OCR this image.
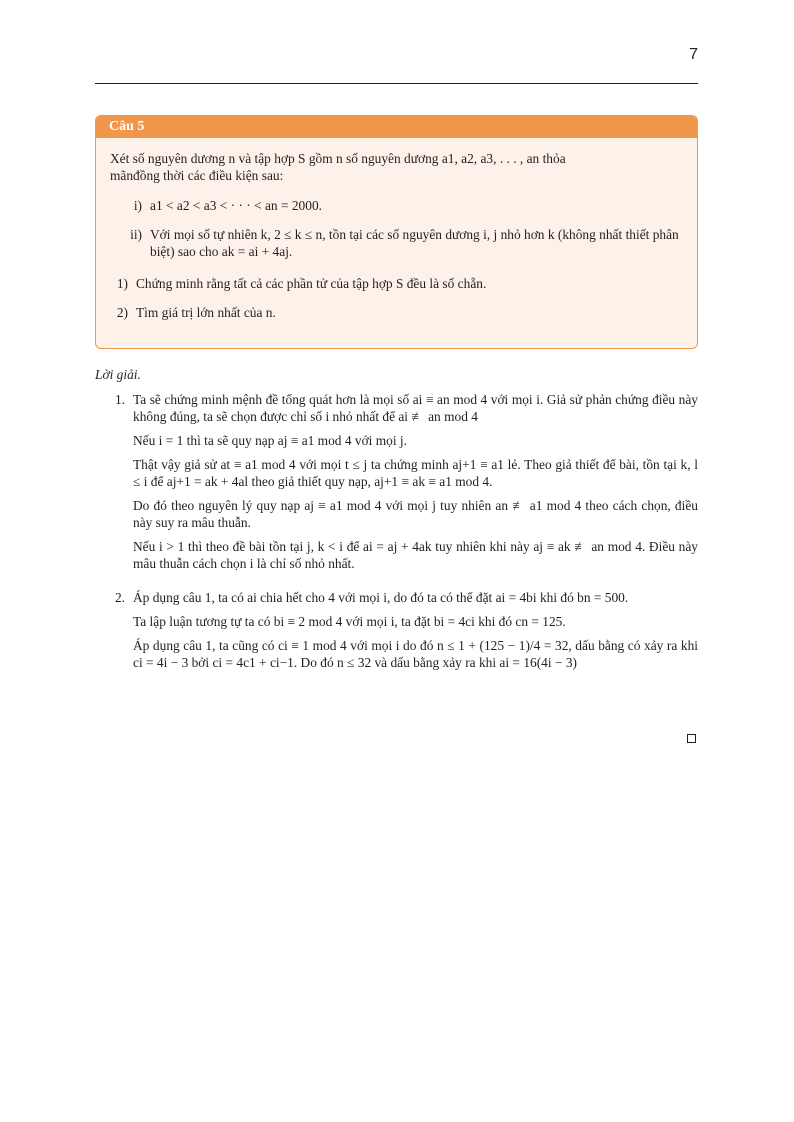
7
Câu 5

Xét số nguyên dương n và tập hợp S gồm n số nguyên dương a1, a2, a3, . . . , an thỏa

mãnđồng thời các điều kiện sau:

i) a1 < a2 < a3 < · · · < an = 2000.
ii) Với mọi số tự nhiên k, 2 ≤ k ≤ n, tồn tại các số nguyên dương i, j nhỏ hơn k (không nhất thiết phân biệt) sao cho ak = ai + 4aj.
1) Chứng minh rằng tất cả các phần tử của tập hợp S đều là số chẵn.
2) Tìm giá trị lớn nhất của n.

Lời giải.

1. Ta sẽ chứng minh mệnh đề tổng quát hơn là mọi số ai ≡ an mod 4 với mọi i. Giả sử phản chứng điều này không đúng, ta sẽ chọn được chỉ số i nhỏ nhất để ai ≢ an mod 4

Nếu i = 1 thì ta sẽ quy nạp aj ≡ a1 mod 4 với mọi j.

Thật vậy giả sử at ≡ a1 mod 4 với mọi t ≤ j ta chứng minh aj+1 ≡ a1 lẻ. Theo giả thiết để bài, tồn tại k, l ≤ i để aj+1 = ak + 4al theo giả thiết quy nạp, aj+1 ≡ ak ≡ a1 mod 4.

Do đó theo nguyên lý quy nạp aj ≡ a1 mod 4 với mọi j tuy nhiên an ≢ a1 mod 4 theo cách chọn, điều này suy ra mâu thuẫn.

Nếu i > 1 thì theo đề bài tồn tại j, k < i để ai = aj + 4ak tuy nhiên khi này aj ≡ ak ≢ an mod 4. Điều này mâu thuẫn cách chọn i là chỉ số nhỏ nhất.

2. Áp dụng câu 1, ta có ai chia hết cho 4 với mọi i, do đó ta có thể đặt ai = 4bi khi đó bn = 500.

Ta lập luận tương tự ta có bi ≡ 2 mod 4 với mọi i, ta đặt bi = 4ci khi đó cn = 125.

Áp dụng câu 1, ta cũng có ci ≡ 1 mod 4 với mọi i do đó n ≤ 1 + (125 − 1)/4 = 32, dấu bằng có xảy ra khi ci = 4i − 3 bởi ci = 4c1 + ci−1. Do đó n ≤ 32 và dấu bằng xảy ra khi ai = 16(4i − 3)
